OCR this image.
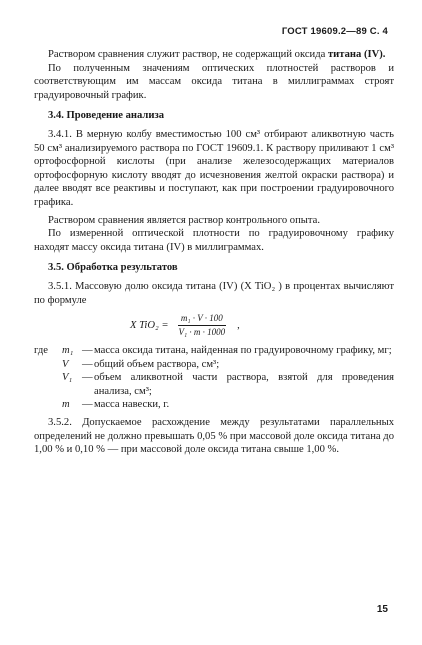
ГОСТ 19609.2—89 С. 4

Раствором сравнения служит раствор, не содержащий оксида титана (IV).

По полученным значениям оптических плотностей растворов и соответствующим им массам оксида титана в миллиграммах строят градуировочный график.

3.4. Проведение анализа

3.4.1. В мерную колбу вместимостью 100 см³ отбирают аликвотную часть 50 см³ анализируемого раствора по ГОСТ 19609.1. К раствору приливают 1 см³ ортофосфорной кислоты (при анализе железосодержащих материалов ортофосфорную кислоту вводят до исчезновения желтой окраски раствора) и далее вводят все реактивы и поступают, как при построении градуировочного графика.

Раствором сравнения является раствор контрольного опыта.

По измеренной оптической плотности по градуировочному графику находят массу оксида титана (IV) в миллиграммах.

3.5. Обработка результатов

3.5.1. Массовую долю оксида титана (IV) (X TiO₂ ) в процентах вычисляют по формуле

X $TiO_2 = \frac{\text{m₁ · V · 100}}{\text{V₁ · m · 1000}}$ ,
где	m₁ — масса оксида титана, найденная по градуировочному графику, мг;
V	— общий объем раствора, см³;
V₁ — объем аликвотной части раствора, взятой для проведения анализа, см³;
m	— масса навески, г.

3.5.2. Допускаемое расхождение между результатами параллельных определений не должно превышать 0,05 % при массовой доле оксида титана до 1,00 % и 0,10 % — при массовой доле оксида титана свыше 1,00 %.

15
